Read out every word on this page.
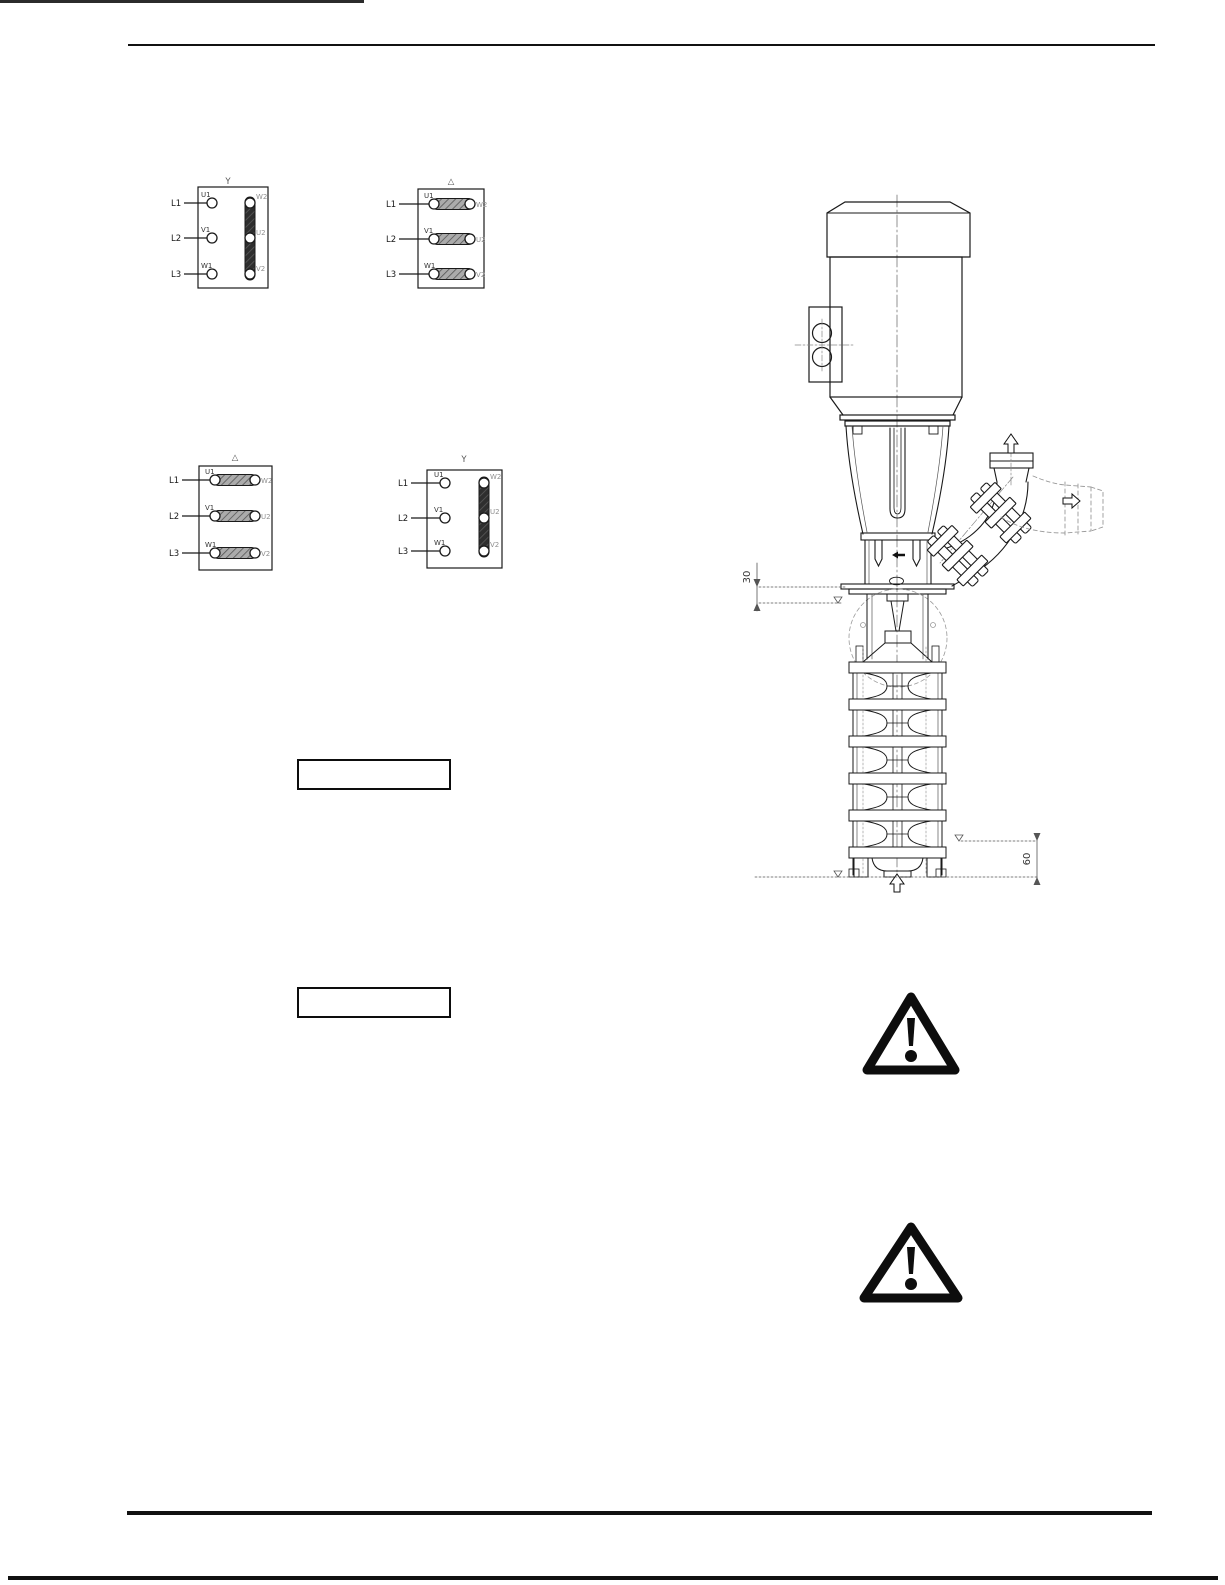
Y
L1
L2
L3
U1
V1
W1
W2
U2
V2
△
L1
L2
L3
U1
V1
W1
W2
U2
V2
△
L1
L2
L3
U1
V1
W1
W2
U2
V2
Y
L1
L2
L3
U1
V1
W1
W2
U2
V2
30
60
